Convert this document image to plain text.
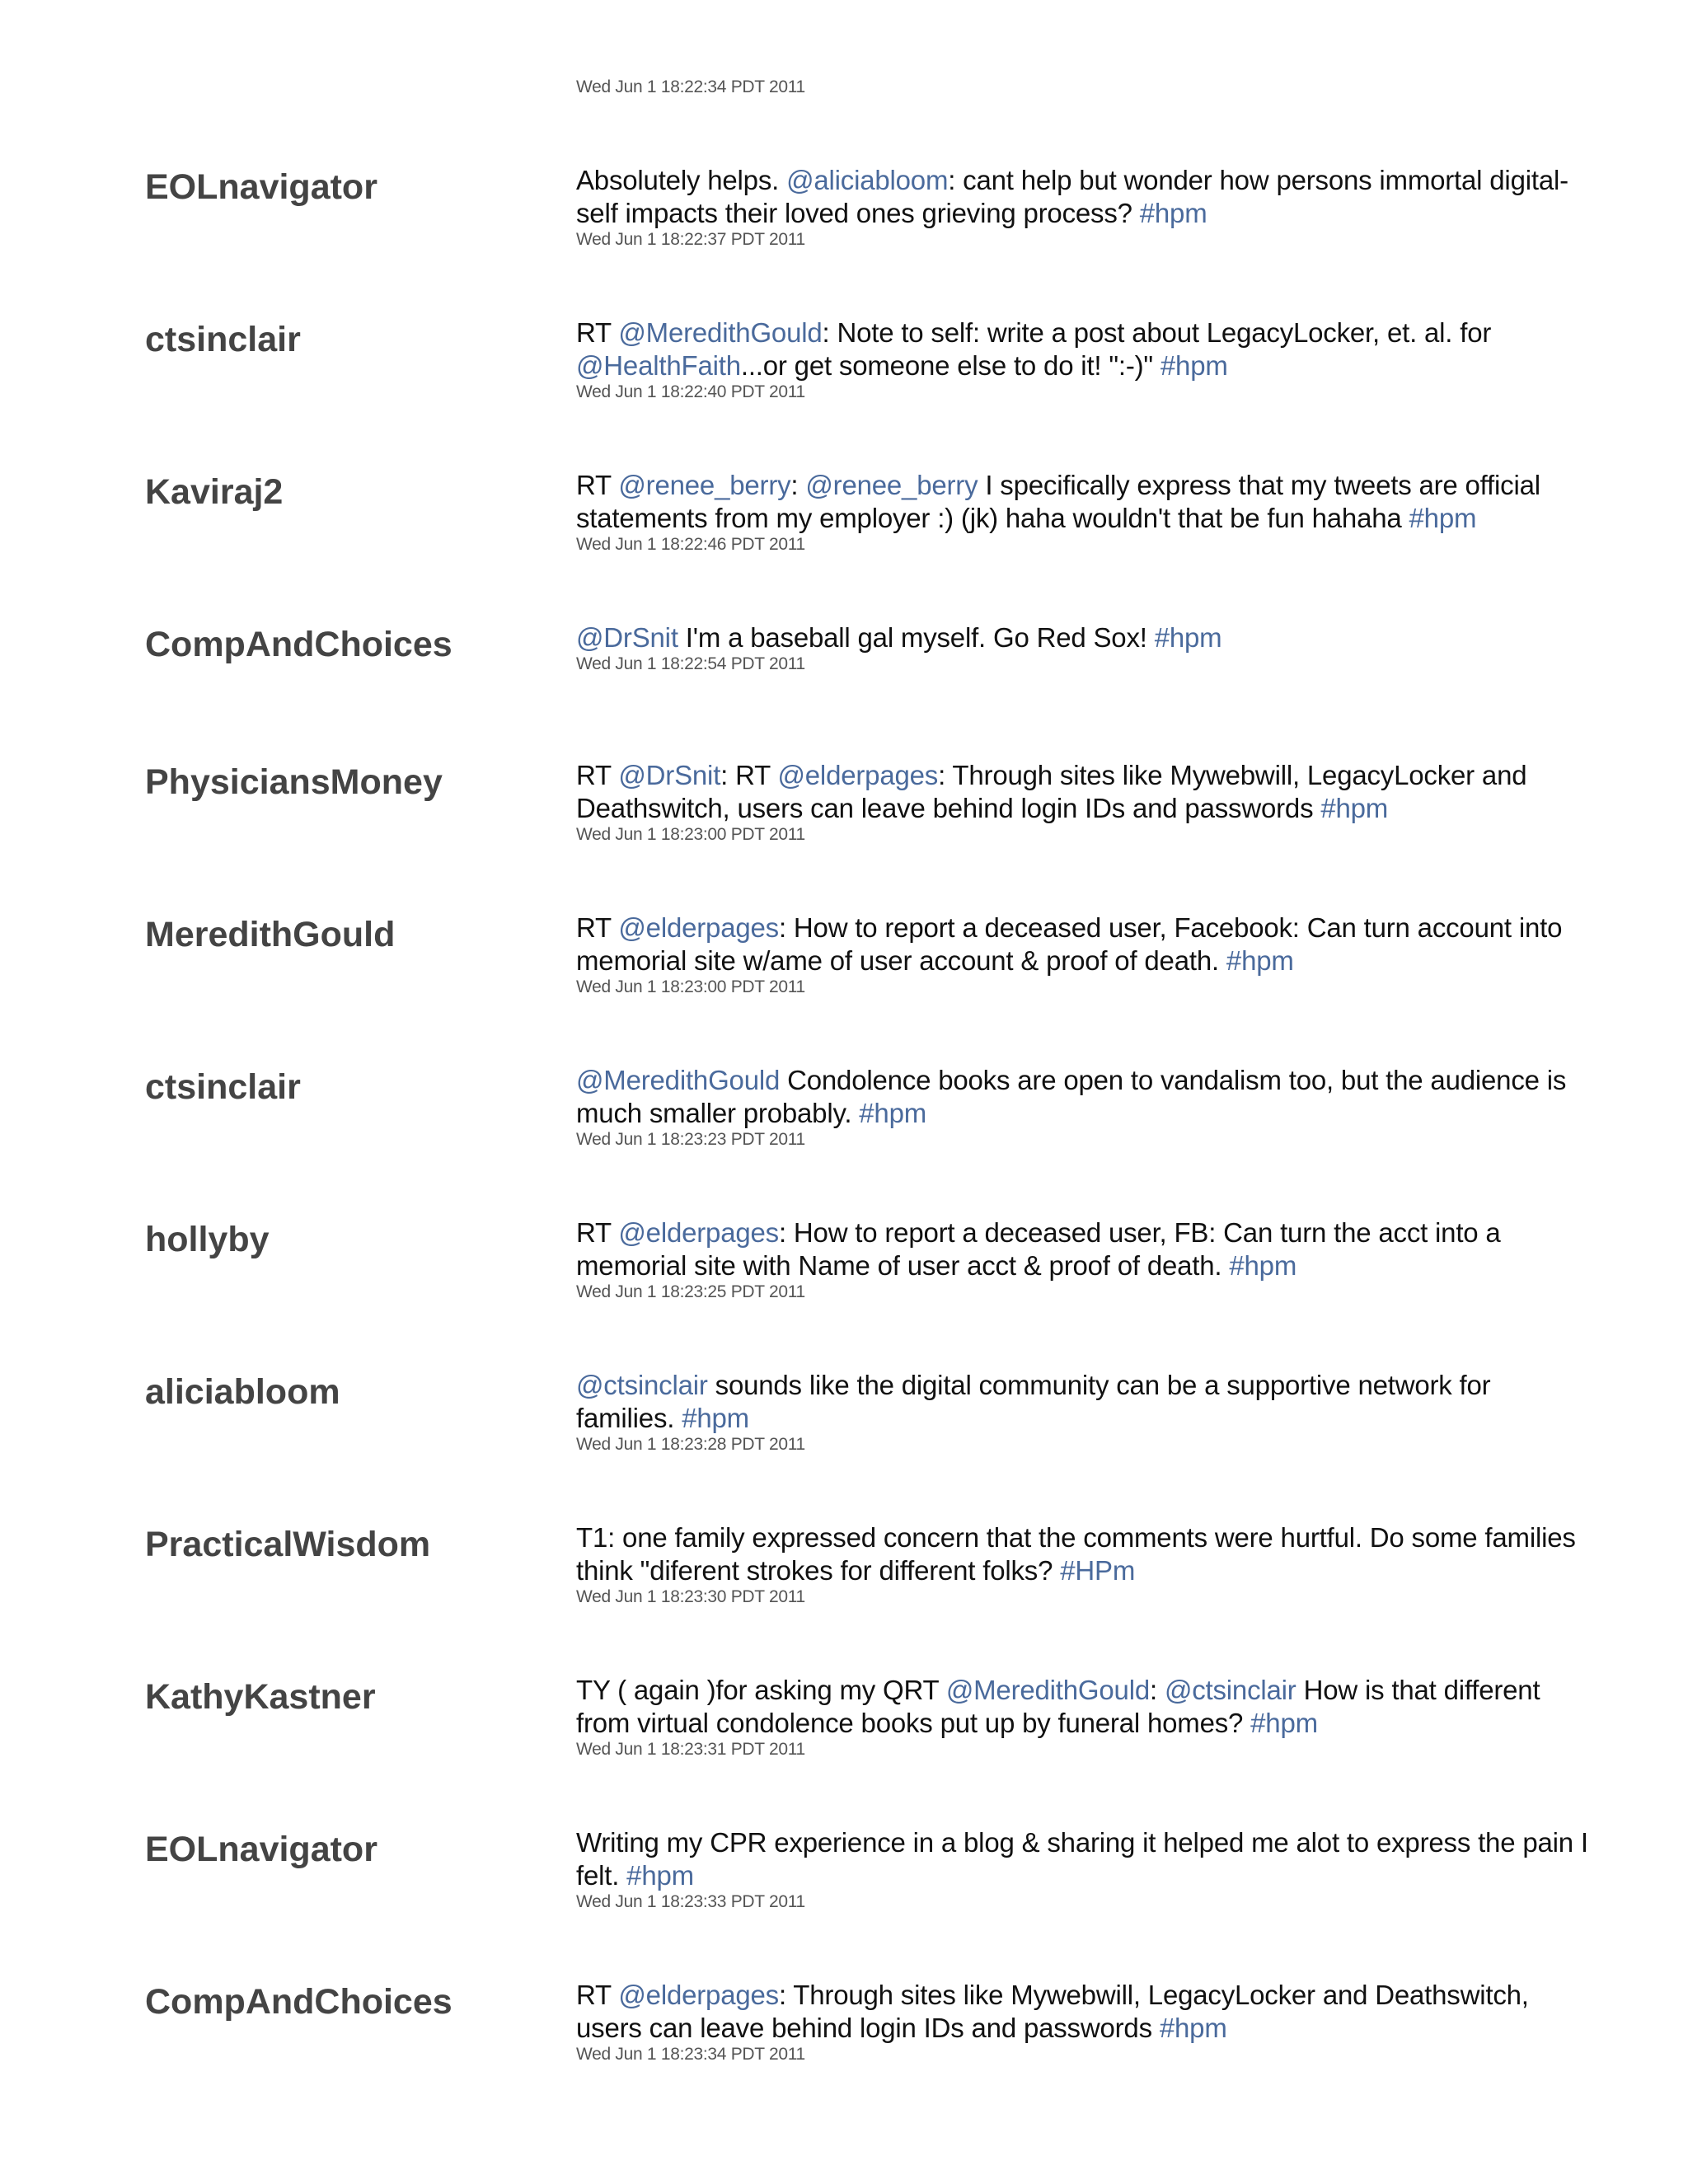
Wed Jun 1 18:22:34 PDT 2011
EOLnavigator	Absolutely helps. @aliciabloom: cant help but wonder how persons immortal digital-self impacts their loved ones grieving process? #hpm
Wed Jun 1 18:22:37 PDT 2011
ctsinclair	RT @MeredithGould: Note to self: write a post about LegacyLocker, et. al. for @HealthFaith...or get someone else to do it! ":-)" #hpm
Wed Jun 1 18:22:40 PDT 2011
Kaviraj2	RT @renee_berry: @renee_berry I specifically express that my tweets are official statements from my employer :) (jk) haha wouldn't that be fun hahaha #hpm
Wed Jun 1 18:22:46 PDT 2011
CompAndChoices	@DrSnit I'm a baseball gal myself. Go Red Sox! #hpm
Wed Jun 1 18:22:54 PDT 2011
PhysiciansMoney	RT @DrSnit: RT @elderpages: Through sites like Mywebwill, LegacyLocker and Deathswitch, users can leave behind login IDs and passwords #hpm
Wed Jun 1 18:23:00 PDT 2011
MeredithGould	RT @elderpages: How to report a deceased user, Facebook: Can turn account into memorial site w/ame of user account & proof of death. #hpm
Wed Jun 1 18:23:00 PDT 2011
ctsinclair	@MeredithGould Condolence books are open to vandalism too, but the audience is much smaller probably. #hpm
Wed Jun 1 18:23:23 PDT 2011
hollyby	RT @elderpages: How to report a deceased user, FB: Can turn the acct into a memorial site with Name of user acct & proof of death. #hpm
Wed Jun 1 18:23:25 PDT 2011
aliciabloom	@ctsinclair sounds like the digital community can be a supportive network for families. #hpm
Wed Jun 1 18:23:28 PDT 2011
PracticalWisdom	T1: one family expressed concern that the comments were hurtful. Do some families think "diferent strokes for different folks? #HPm
Wed Jun 1 18:23:30 PDT 2011
KathyKastner	TY ( again )for asking my QRT @MeredithGould: @ctsinclair How is that different from virtual condolence books put up by funeral homes? #hpm
Wed Jun 1 18:23:31 PDT 2011
EOLnavigator	Writing my CPR experience in a blog & sharing it helped me alot to express the pain I felt. #hpm
Wed Jun 1 18:23:33 PDT 2011
CompAndChoices	RT @elderpages: Through sites like Mywebwill, LegacyLocker and Deathswitch, users can leave behind login IDs and passwords #hpm
Wed Jun 1 18:23:34 PDT 2011
